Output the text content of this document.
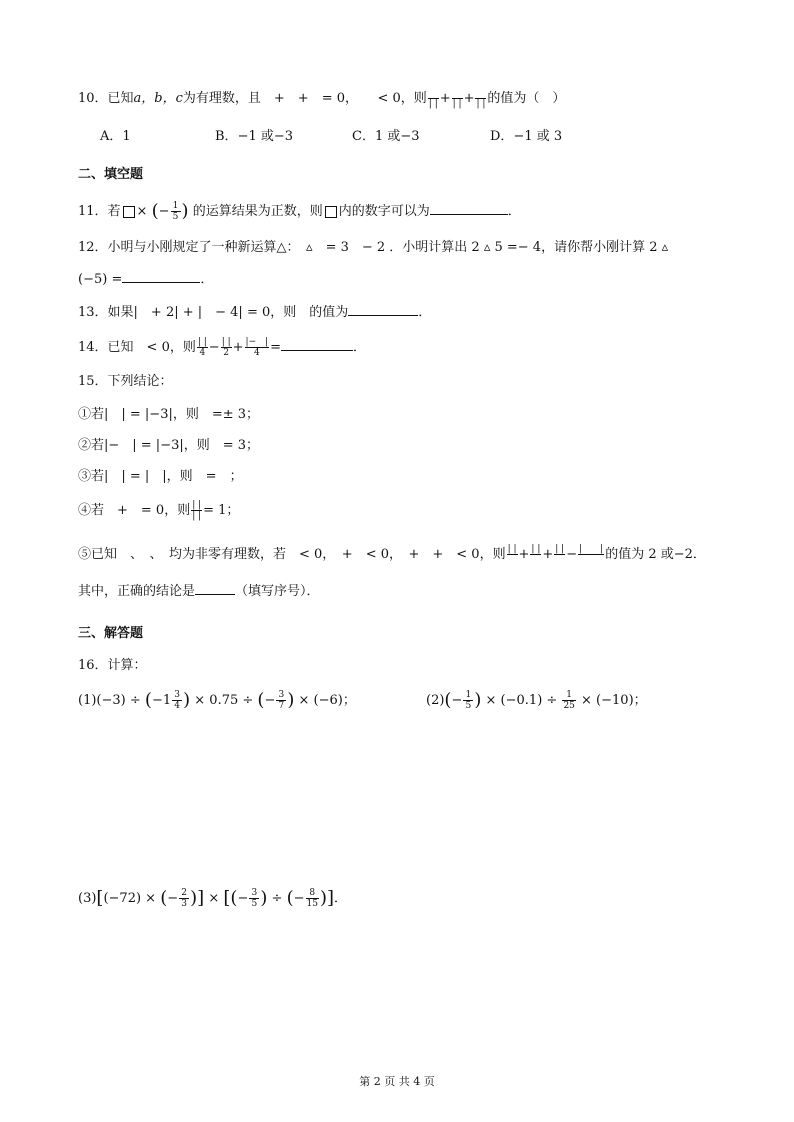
10．已知a，b，c为有理数，且　+　+　= 0，　　< 0，则
| | +
| | +
| | 的值为（　）
A．1	B．−1 或−3	C．1 或−3	D．−1 或 3
二、填空题
11．若 × (− $\frac{1}{5}$ ) 的运算结果为正数，则 内的数字可以为	．
12．小明与小刚规定了一种新运算△：　▵　= 3　− 2 ．小明计算出 2 ▵ 5 =− 4，请你帮小刚计算 2 ▵
(−5) =	．
13．如果|　+ 2| + |　− 4| = 0，则　的值为	．
14．已知　< 0，则 $\frac{| |}{4} - \frac{| |}{2} + \frac{|- |}{4}$ =	．
15．下列结论：
①若|　| = |−3|，则　=± 3；
②若|−　| = |−3|，则　= 3；
③若|　| = |　|，则　=　；
④若　+　= 0，则 $\frac{| |}{| |} = 1$；
⑤已知　、　、　均为非零有理数，若　< 0，　+　< 0，　+　+　< 0，则 | |
+ | |
+ | |
− |　　|
的值为 2 或−2．
其中，正确的结论是	（填写序号）．
三、解答题
16．计算：
$(1)(-3) \div (-1 \frac{3}{4}$ ) × 0.75 ÷ (− $\frac{3}{7}$ ) × (−6)；	$(2)(- \frac{1}{5}$ ) × $(-0.1) \div \frac{1}{25} \times (-10)$；
(3)[(−72) × (− $\frac{2}{3}$ )] × [(− $\frac{3}{5}$ ) ÷ (− $\frac{8}{15}$ )]．
第 2 页 共 4 页
